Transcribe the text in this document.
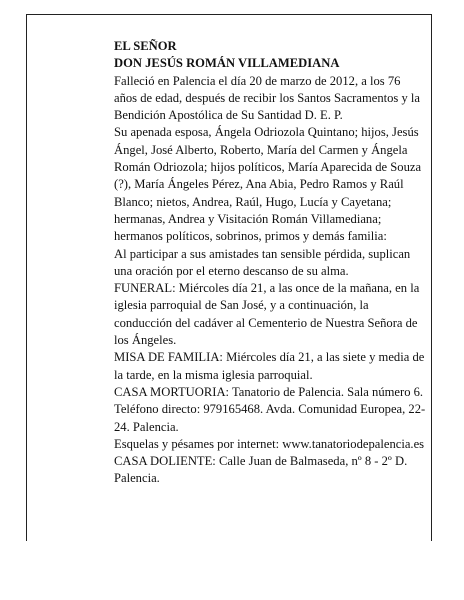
EL SEÑOR

DON JESÚS ROMÁN VILLAMEDIANA

Falleció en Palencia el día 20 de marzo de 2012, a los 76 años de edad, después de recibir los Santos Sacramentos y la Bendición Apostólica de Su Santidad D. E. P.

Su apenada esposa, Ángela Odriozola Quintano; hijos, Jesús Ángel, José Alberto, Roberto, María del Carmen y Ángela Román Odriozola; hijos políticos, María Aparecida de Souza (?), María Ángeles Pérez, Ana Abia, Pedro Ramos y Raúl Blanco; nietos, Andrea, Raúl, Hugo, Lucía y Cayetana; hermanas, Andrea y Visitación Román Villamediana; hermanos políticos, sobrinos, primos y demás familia:

Al participar a sus amistades tan sensible pérdida, suplican una oración por el eterno descanso de su alma.

FUNERAL: Miércoles día 21, a las once de la mañana, en la iglesia parroquial de San José, y a continuación, la conducción del cadáver al Cementerio de Nuestra Señora de los Ángeles.

MISA DE FAMILIA: Miércoles día 21, a las siete y media de la tarde, en la misma iglesia parroquial.

CASA MORTUORIA: Tanatorio de Palencia. Sala número 6. Teléfono directo: 979165468. Avda. Comunidad Europea, 22-24. Palencia.

Esquelas y pésames por internet: www.tanatoriodepalencia.es

CASA DOLIENTE: Calle Juan de Balmaseda, nº 8 - 2º D. Palencia.
